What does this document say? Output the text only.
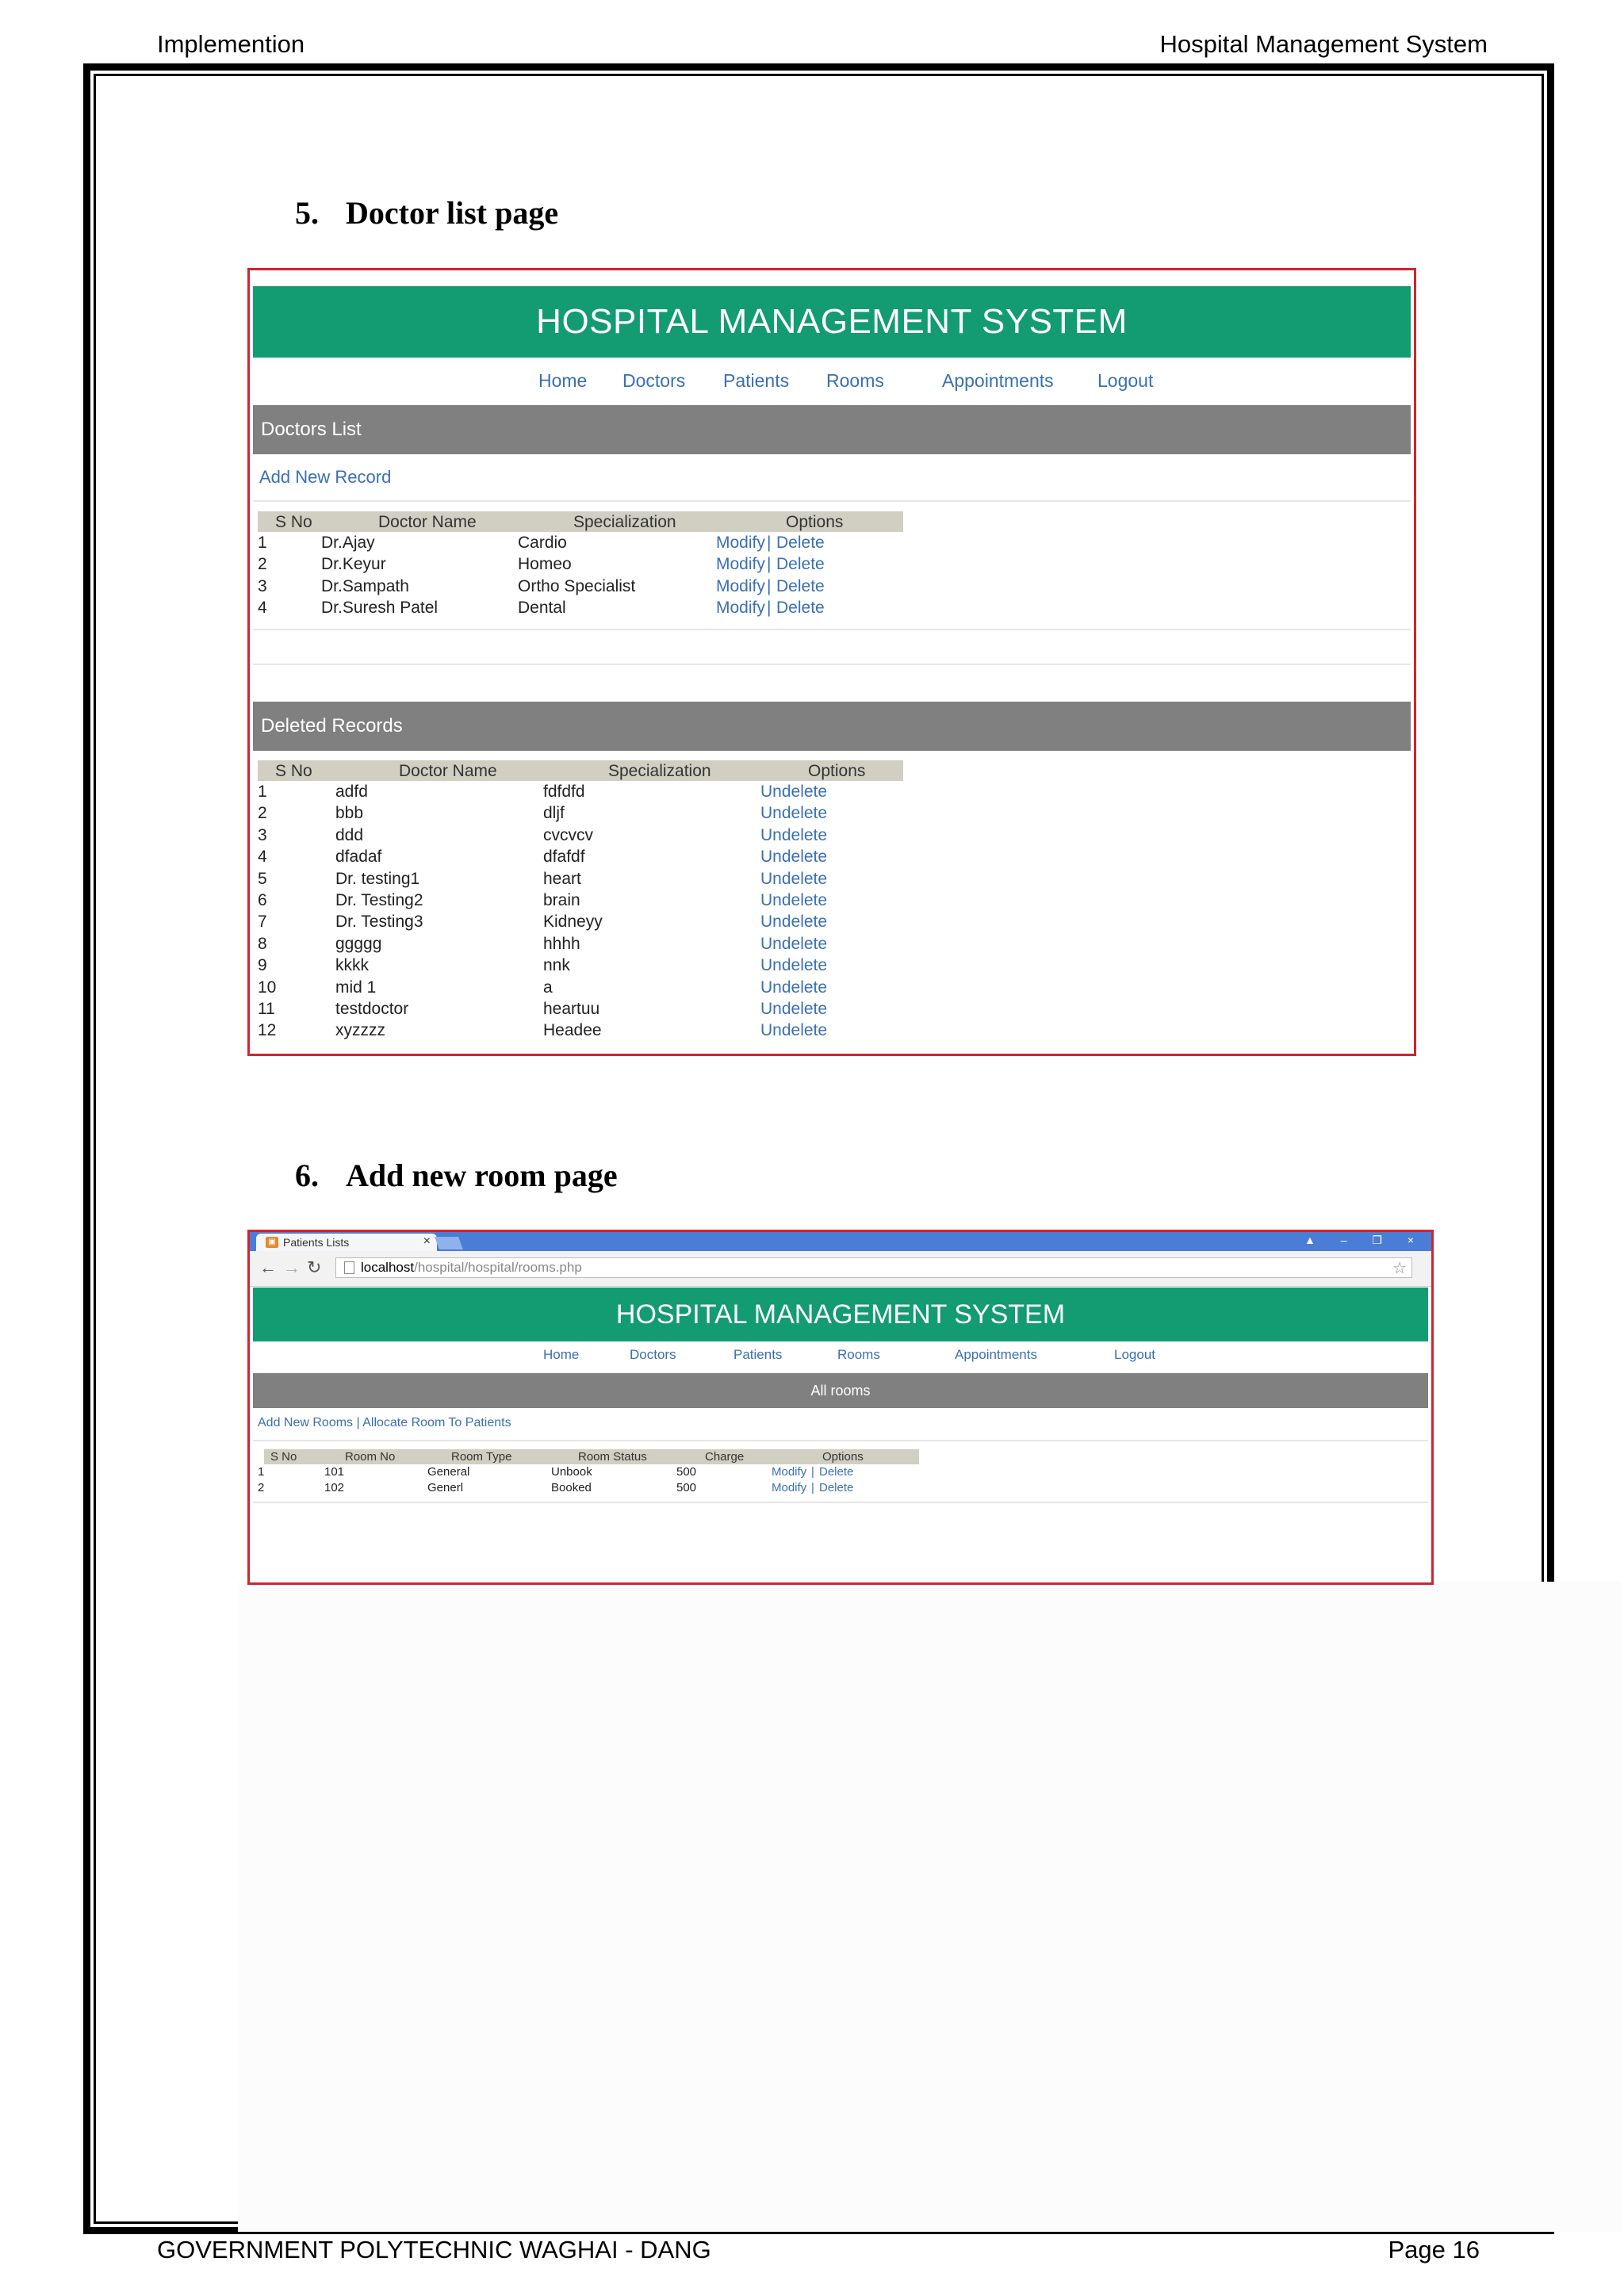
Implemention	Hospital Management System
5. Doctor list page
HOSPITAL MANAGEMENT SYSTEM
Home Doctors Patients Rooms	Appointments Logout
Doctors List
Add New Record
S No	Doctor Name	Specialization	Options
1	Dr.Ajay	Cardio	Modify | Delete
2	Dr.Keyur	Homeo	Modify | Delete
3	Dr.Sampath	Ortho Specialist	Modify | Delete
4	Dr.Suresh Patel	Dental	Modify | Delete
Deleted Records
S No	Doctor Name	Specialization	Options
1	adfd	fdfdfd	Undelete
2	bbb	dljf	Undelete
3	ddd	cvcvcv	Undelete
4	dfadaf	dfafdf	Undelete
5	Dr. testing1	heart	Undelete
6	Dr. Testing2	brain	Undelete
7	Dr. Testing3	Kidneyy	Undelete
8	ggggg	hhhh	Undelete
9	kkkk	nnk	Undelete
10	mid 1	a	Undelete
11	testdoctor	heartuu	Undelete
12	xyzzzz	Headee	Undelete
6. Add new room page
▣ Patients Lists	×	▲ – ❐ ×
← → ↻	localhost /hospital/hospital/rooms.php	☆
HOSPITAL MANAGEMENT SYSTEM
Home	Doctors	Patients	Rooms	Appointments	Logout
All rooms
Add New Rooms | Allocate Room To Patients
S No	Room No	Room Type	Room Status	Charge	Options
1	101	General	Unbook	500	Modify | Delete
2	102	Generl	Booked	500	Modify | Delete
GOVERNMENT POLYTECHNIC WAGHAI - DANG	Page 16
